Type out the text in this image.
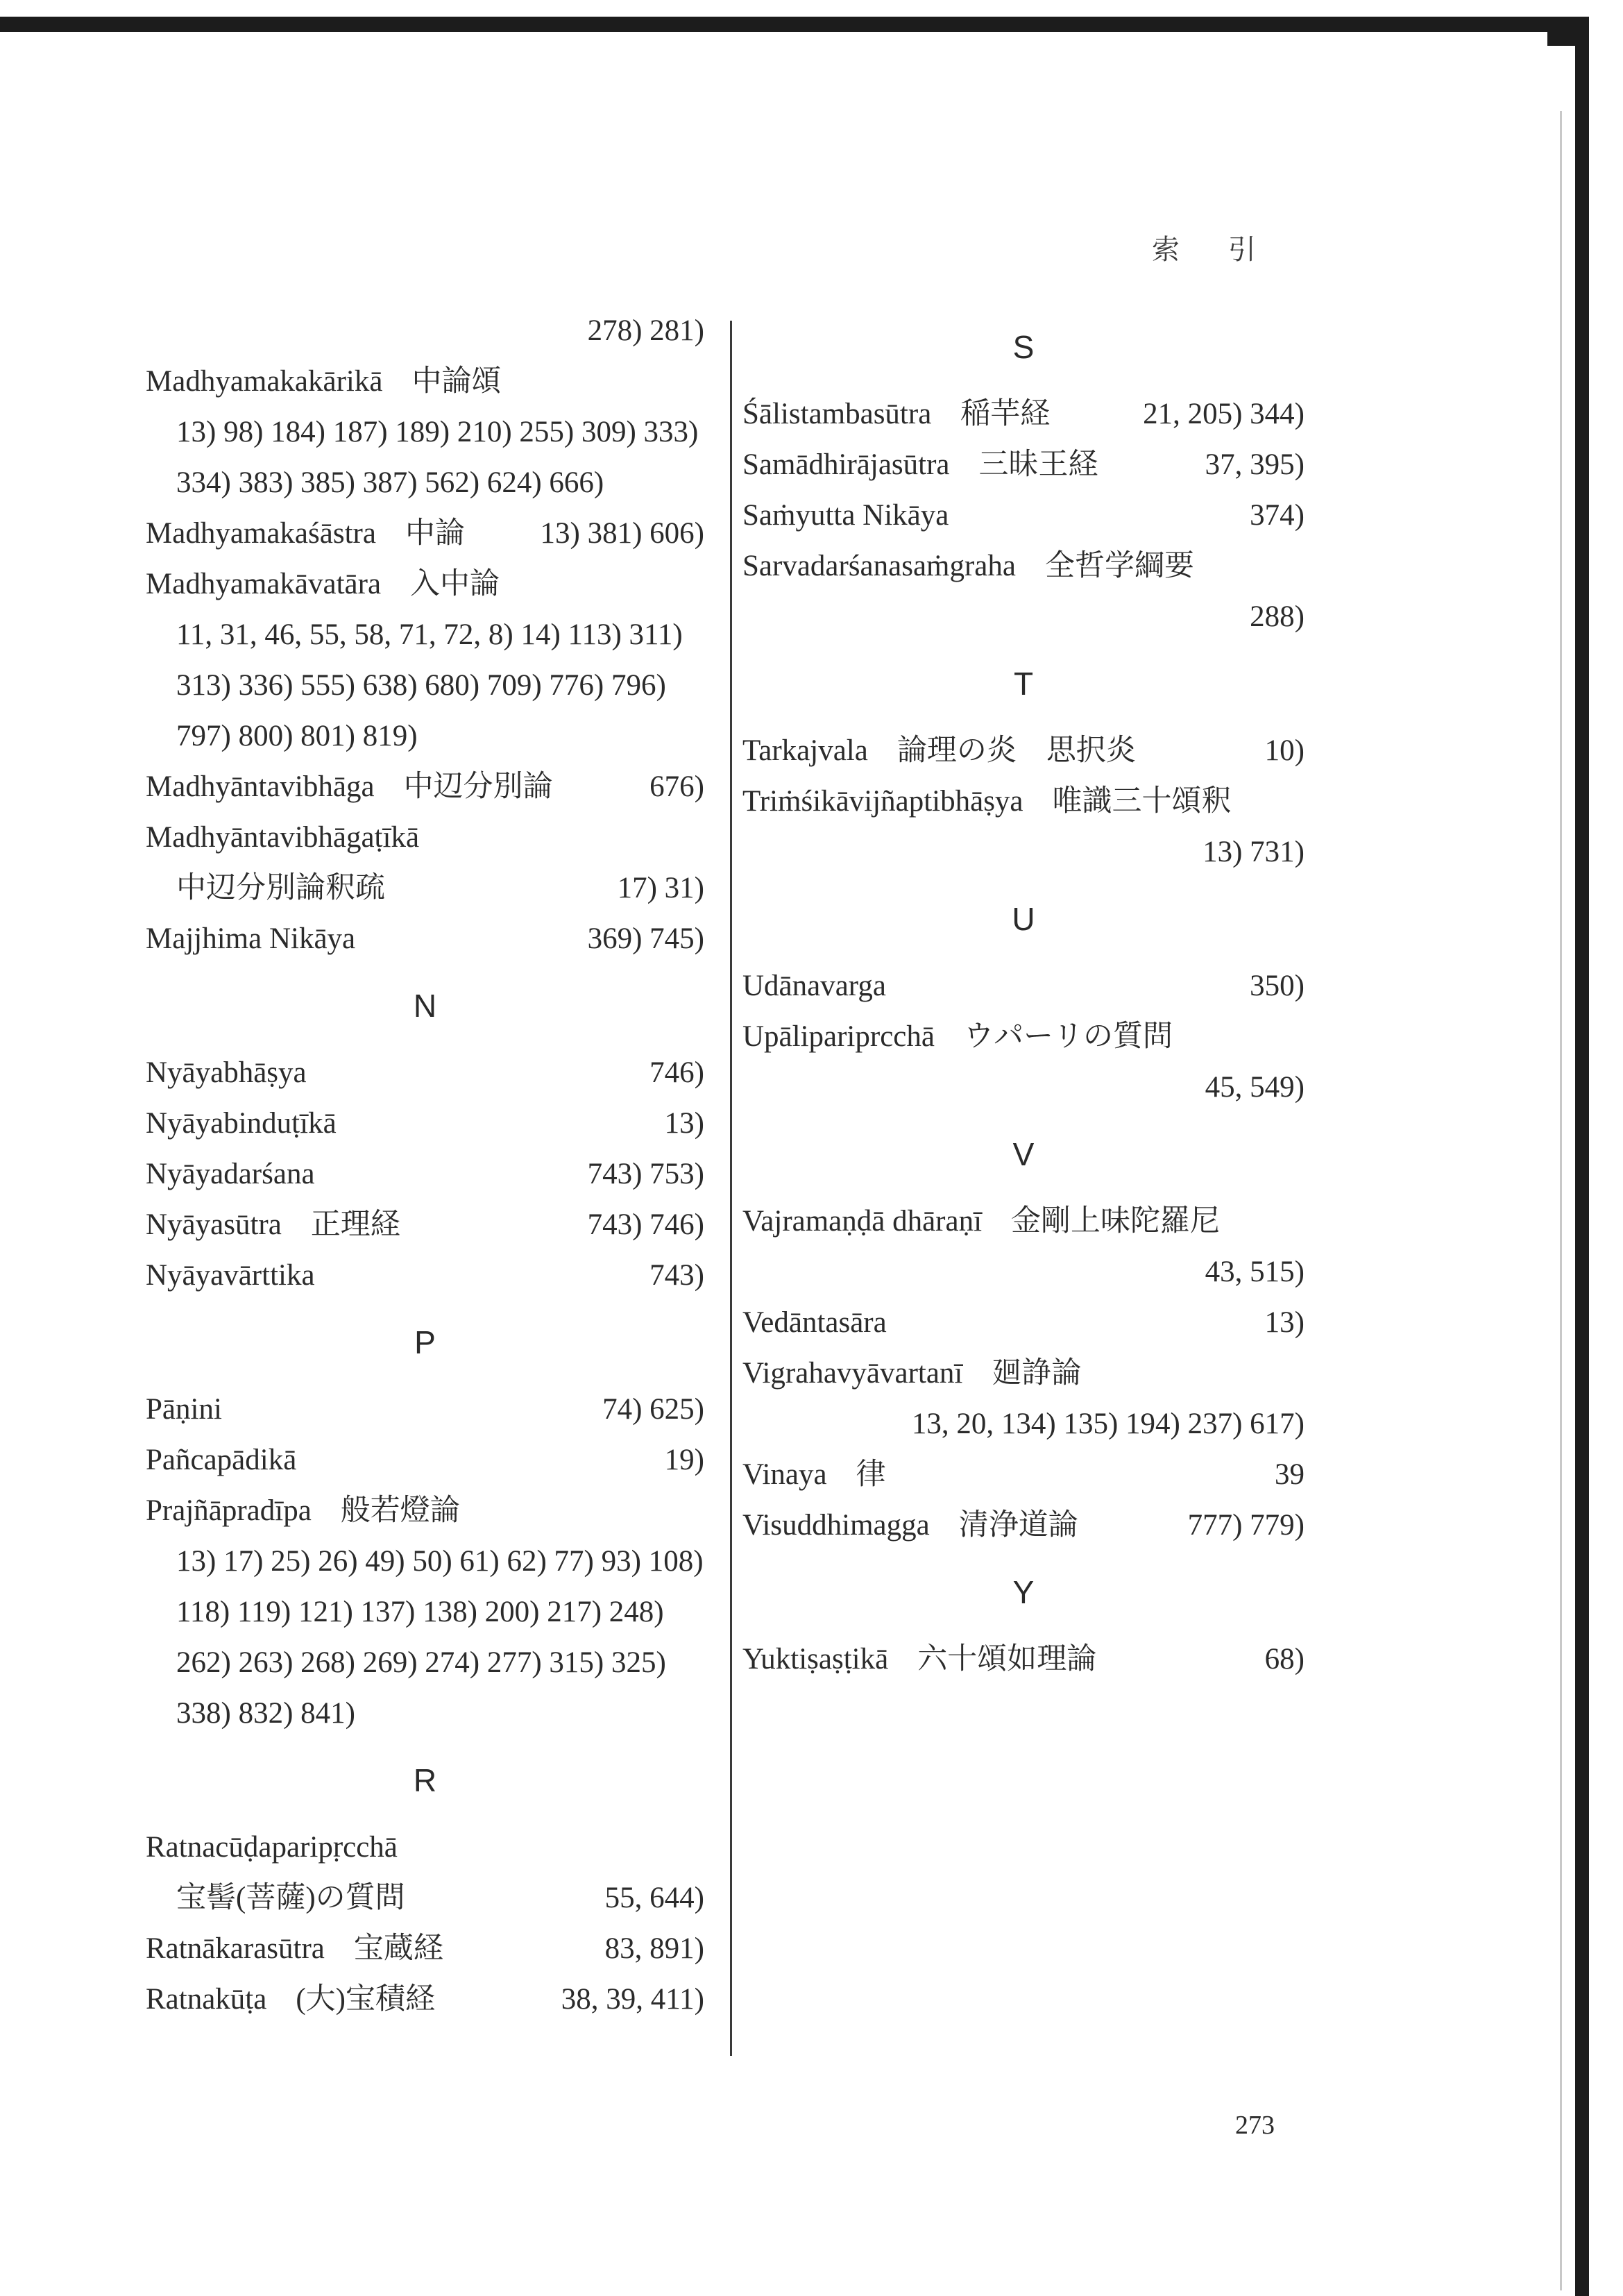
索 引
278) 281)
Madhyamakakārikā 中論頌
13) 98) 184) 187) 189) 210) 255) 309) 333)
334) 383) 385) 387) 562) 624) 666)
Madhyamakaśāstra 中論	13) 381) 606)
Madhyamakāvatāra 入中論
11, 31, 46, 55, 58, 71, 72, 8) 14) 113) 311)
313) 336) 555) 638) 680) 709) 776) 796)
797) 800) 801) 819)
Madhyāntavibhāga 中辺分別論	676)
Madhyāntavibhāgaṭīkā
中辺分別論釈疏	17) 31)
Majjhima Nikāya	369) 745)
N
Nyāyabhāṣya	746)
Nyāyabinduṭīkā	13)
Nyāyadarśana	743) 753)
Nyāyasūtra 正理経	743) 746)
Nyāyavārttika	743)
P
Pāṇini	74) 625)
Pañcapādikā	19)
Prajñāpradīpa 般若燈論
13) 17) 25) 26) 49) 50) 61) 62) 77) 93) 108)
118) 119) 121) 137) 138) 200) 217) 248)
262) 263) 268) 269) 274) 277) 315) 325)
338) 832) 841)
R
Ratnacūḍaparipṛcchā
宝髻(菩薩)の質問	55, 644)
Ratnākarasūtra 宝蔵経	83, 891)
Ratnakūṭa (大)宝積経	38, 39, 411)
S
Śālistambasūtra 稲芉経	21, 205) 344)
Samādhirājasūtra 三昧王経	37, 395)
Saṁyutta Nikāya	374)
Sarvadarśanasaṁgraha 全哲学綱要
288)
T
Tarkajvala 論理の炎　思択炎	10)
Triṁśikāvijñaptibhāṣya 唯識三十頌釈
13) 731)
U
Udānavarga	350)
Upālipariprcchā ウパーリの質問
45, 549)
V
Vajramaṇḍā dhāraṇī 金剛上味陀羅尼
43, 515)
Vedāntasāra	13)
Vigrahavyāvartanī 廻諍論
13, 20, 134) 135) 194) 237) 617)
Vinaya 律	39
Visuddhimagga 清浄道論	777) 779)
Y
Yuktiṣaṣṭikā 六十頌如理論	68)
273
